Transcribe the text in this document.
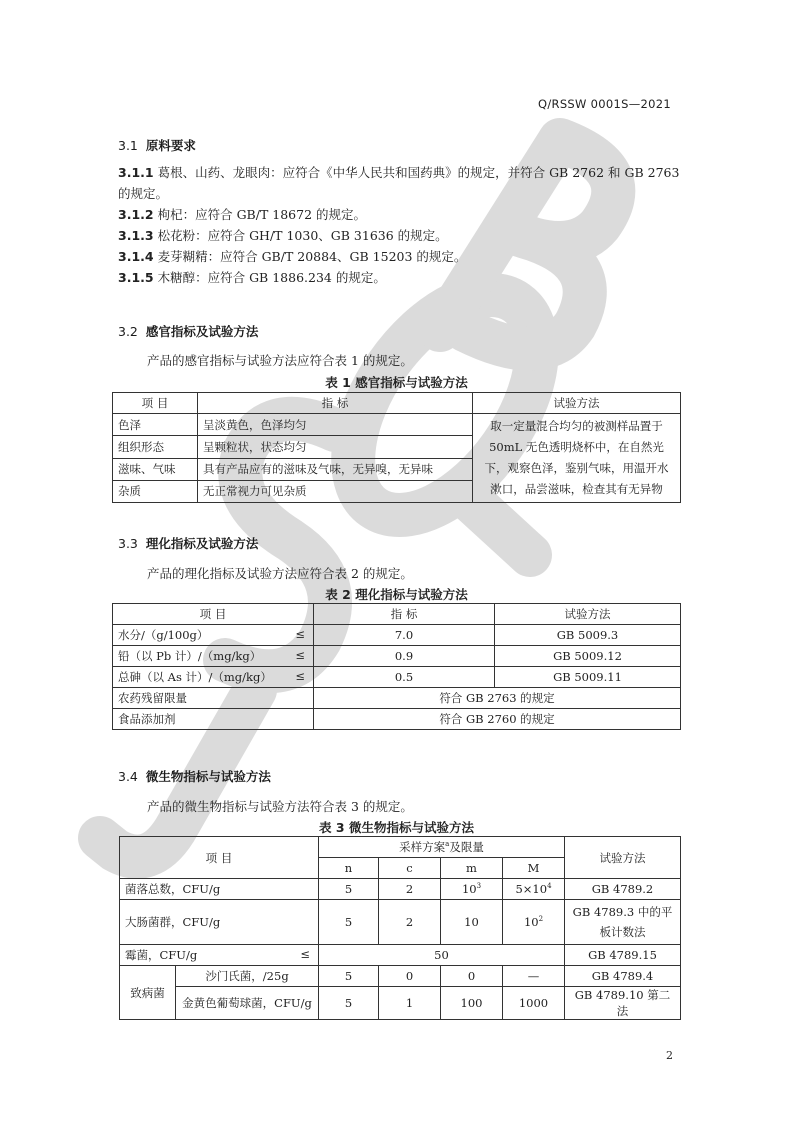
Q/RSSW 0001S—2021
3.1 原料要求
3.1.1 葛根、山药、龙眼肉：应符合《中华人民共和国药典》的规定，并符合 GB 2762 和 GB 2763 的规定。
3.1.2 枸杞：应符合 GB/T 18672 的规定。
3.1.3 松花粉：应符合 GH/T 1030、GB 31636 的规定。
3.1.4 麦芽糊精：应符合 GB/T 20884、GB 15203 的规定。
3.1.5 木糖醇：应符合 GB 1886.234 的规定。
3.2 感官指标及试验方法
产品的感官指标与试验方法应符合表 1 的规定。
表 1 感官指标与试验方法
项 目	指 标	试验方法
色泽	呈淡黄色，色泽均匀	取一定量混合均匀的被测样品置于 50mL 无色透明烧杯中，在自然光下，观察色泽，鉴别气味，用温开水漱口，品尝滋味，检查其有无异物
组织形态	呈颗粒状，状态均匀	
滋味、气味	具有产品应有的滋味及气味，无异嗅，无异味	
杂质	无正常视力可见杂质	
3.3 理化指标及试验方法
产品的理化指标及试验方法应符合表 2 的规定。
表 2 理化指标与试验方法
项 目	指 标	试验方法
水分/（g/100g） ≤	7.0	GB 5009.3
铅（以 Pb 计）/（mg/kg） ≤	0.9	GB 5009.12
总砷（以 As 计）/（mg/kg） ≤	0.5	GB 5009.11
农药残留限量	符合 GB 2763 的规定	
食品添加剂	符合 GB 2760 的规定	
3.4 微生物指标与试验方法
产品的微生物指标与试验方法符合表 3 的规定。
表 3 微生物指标与试验方法
项 目		采样方案$^a$及限量				试验方法
		n	c	m	M	
菌落总数，CFU/g		5	2	$10^3$	$5\times 10^4$	GB 4789.2
大肠菌群，CFU/g		5	2	10	$10^2$	GB 4789.3 中的平板计数法
霉菌，CFU/g ≤		50				GB 4789.15
致病菌	沙门氏菌，/25g	5	0	0	—	GB 4789.4
	金黄色葡萄球菌，CFU/g	5	1	100	1000	GB 4789.10 第二法
2
